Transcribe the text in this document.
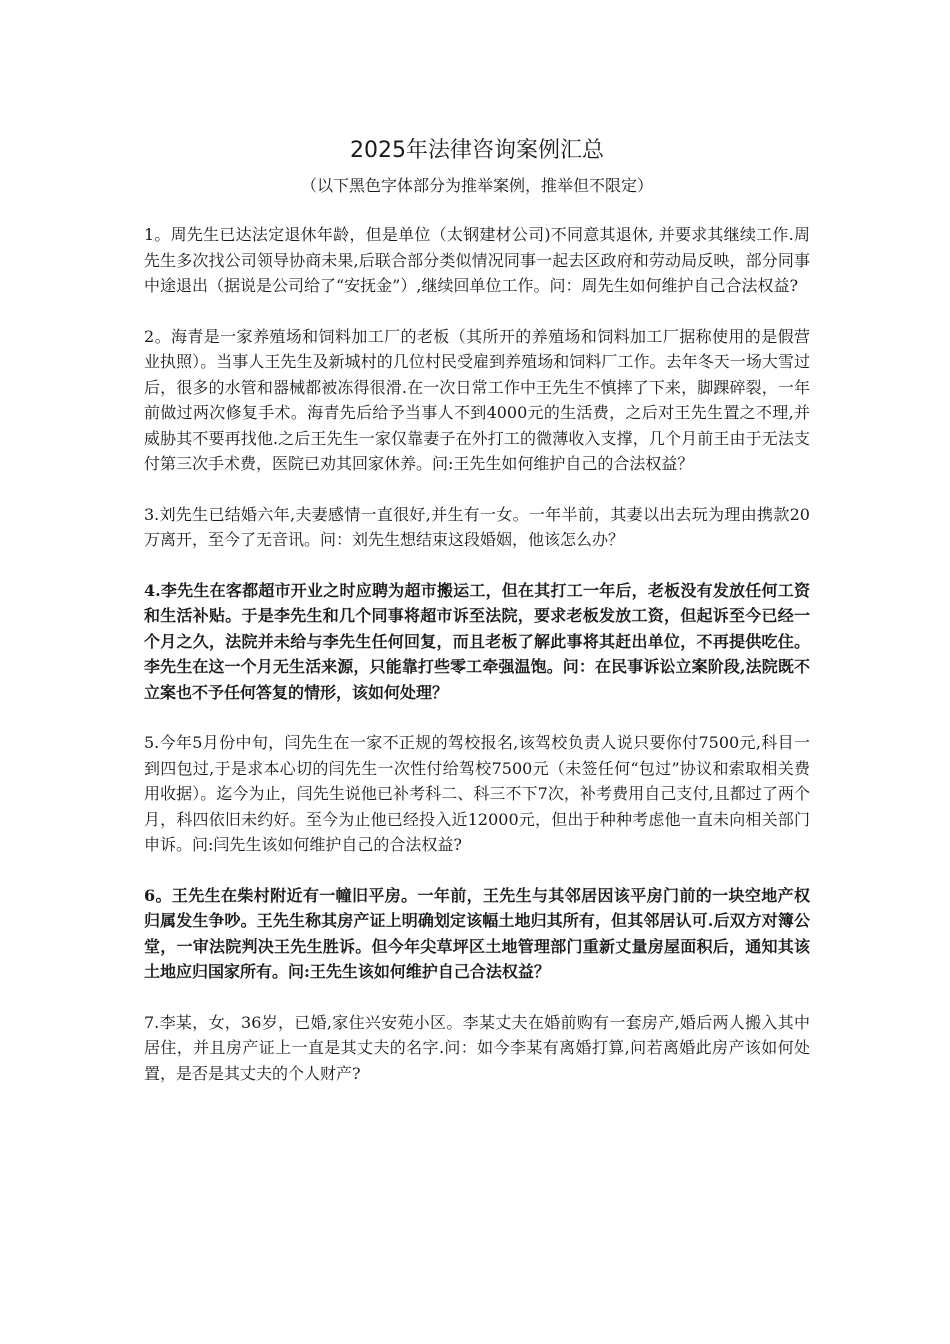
2025年法律咨询案例汇总
（以下黑色字体部分为推举案例，推举但不限定）

1。周先生已达法定退休年龄，但是单位（太钢建材公司)不同意其退休, 并要求其继续工作.周先生多次找公司领导协商未果,后联合部分类似情况同事一起去区政府和劳动局反映，部分同事中途退出（据说是公司给了“安抚金”）,继续回单位工作。问：周先生如何维护自己合法权益?

2。海青是一家养殖场和饲料加工厂的老板（其所开的养殖场和饲料加工厂据称使用的是假营业执照）。当事人王先生及新城村的几位村民受雇到养殖场和饲料厂工作。去年冬天一场大雪过后，很多的水管和器械都被冻得很滑.在一次日常工作中王先生不慎摔了下来，脚踝碎裂，一年前做过两次修复手术。海青先后给予当事人不到4000元的生活费，之后对王先生置之不理,并威胁其不要再找他.之后王先生一家仅靠妻子在外打工的微薄收入支撑，几个月前王由于无法支付第三次手术费，医院已劝其回家休养。问:王先生如何维护自己的合法权益？

3.刘先生已结婚六年,夫妻感情一直很好,并生有一女。一年半前，其妻以出去玩为理由携款20万离开，至今了无音讯。问：刘先生想结束这段婚姻，他该怎么办？

4.李先生在客都超市开业之时应聘为超市搬运工，但在其打工一年后，老板没有发放任何工资和生活补贴。于是李先生和几个同事将超市诉至法院，要求老板发放工资，但起诉至今已经一个月之久，法院并未给与李先生任何回复，而且老板了解此事将其赶出单位，不再提供吃住。李先生在这一个月无生活来源，只能靠打些零工牵强温饱。问：在民事诉讼立案阶段,法院既不立案也不予任何答复的情形，该如何处理？

5.今年5月份中旬，闫先生在一家不正规的驾校报名,该驾校负责人说只要你付7500元,科目一到四包过,于是求本心切的闫先生一次性付给驾校7500元（未签任何“包过”协议和索取相关费用收据）。迄今为止，闫先生说他已补考科二、科三不下7次，补考费用自己支付,且都过了两个月，科四依旧未约好。至今为止他已经投入近12000元，但出于种种考虑他一直未向相关部门申诉。问:闫先生该如何维护自己的合法权益?

6。王先生在柴村附近有一幢旧平房。一年前，王先生与其邻居因该平房门前的一块空地产权归属发生争吵。王先生称其房产证上明确划定该幅土地归其所有，但其邻居认可.后双方对簿公堂，一审法院判决王先生胜诉。但今年尖草坪区土地管理部门重新丈量房屋面积后，通知其该土地应归国家所有。问:王先生该如何维护自己合法权益？

7.李某，女，36岁，已婚,家住兴安苑小区。李某丈夫在婚前购有一套房产,婚后两人搬入其中居住，并且房产证上一直是其丈夫的名字.问：如今李某有离婚打算,问若离婚此房产该如何处置，是否是其丈夫的个人财产?
